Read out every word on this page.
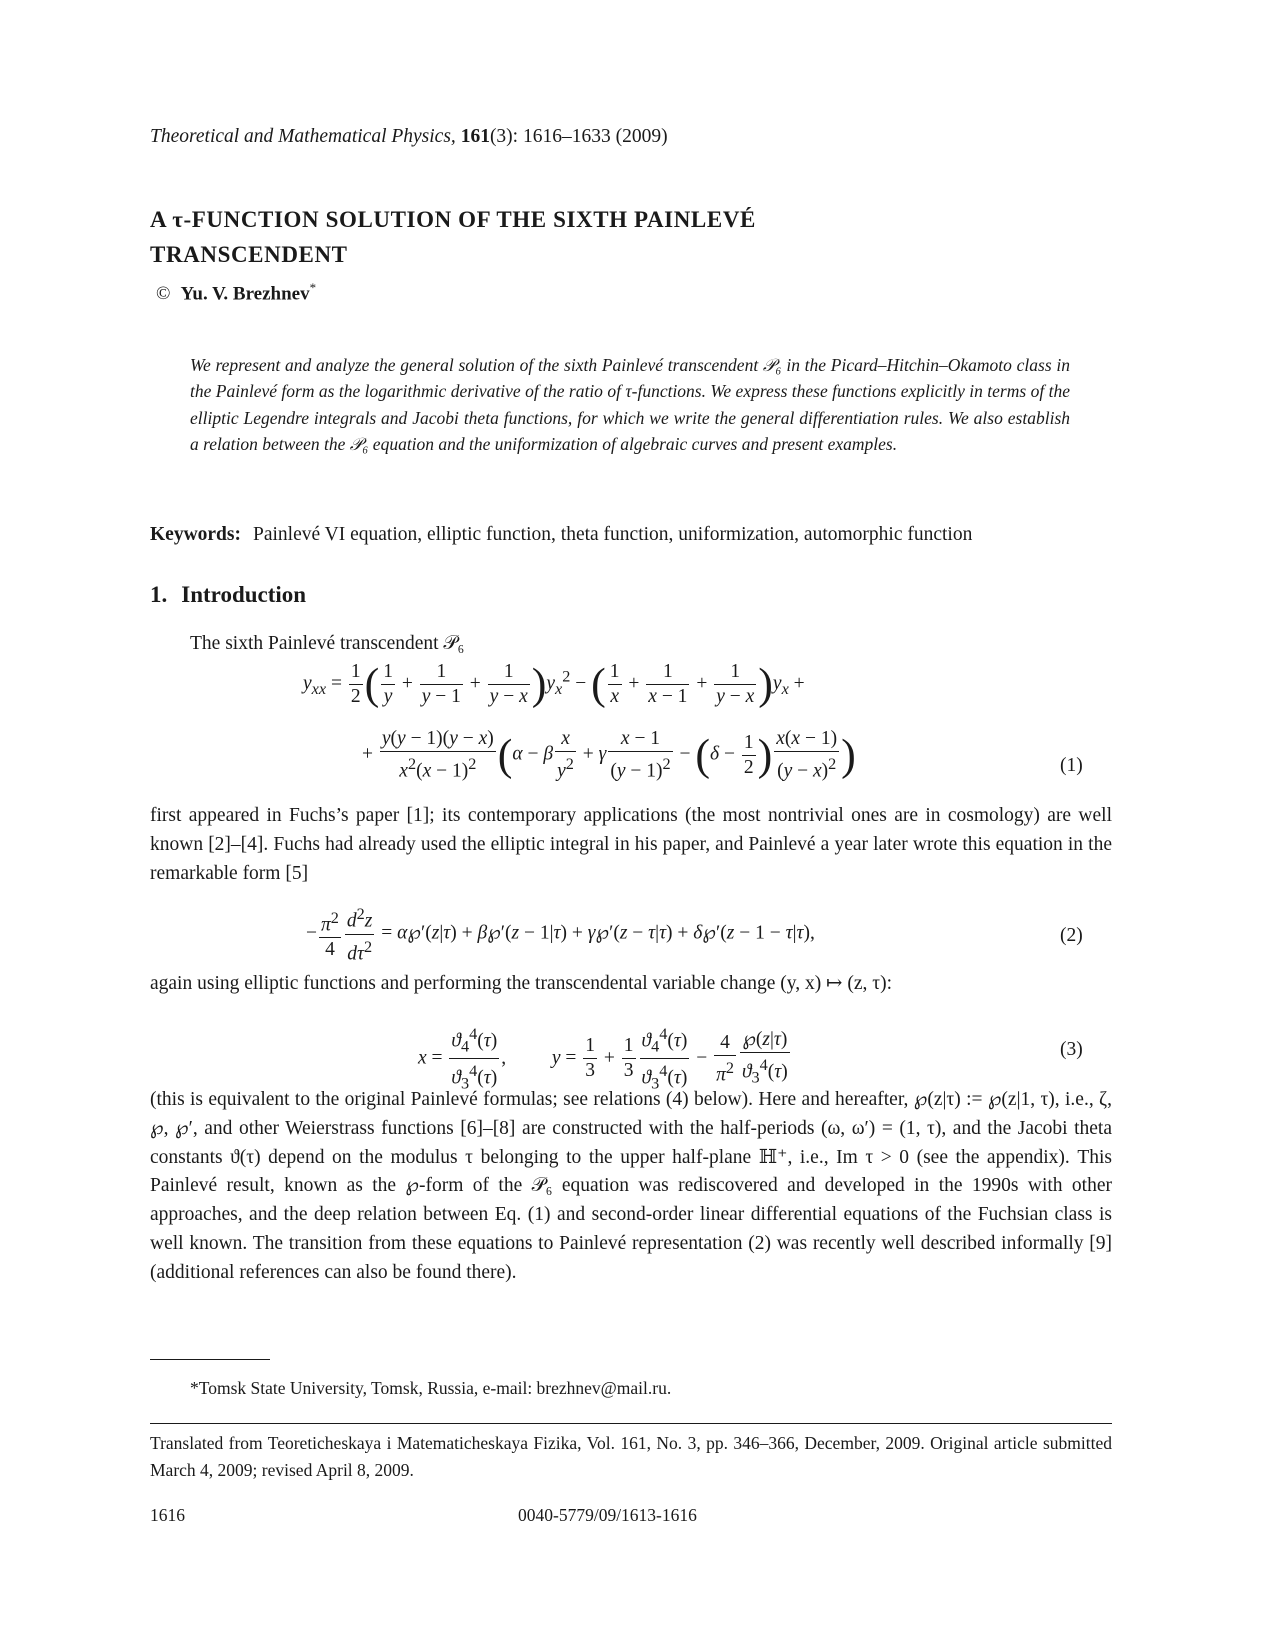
Theoretical and Mathematical Physics, 161(3): 1616–1633 (2009)
A τ-FUNCTION SOLUTION OF THE SIXTH PAINLEVÉ
TRANSCENDENT
© Yu. V. Brezhnev*
We represent and analyze the general solution of the sixth Painlevé transcendent 𝒫₆ in the Picard–Hitchin–Okamoto class in the Painlevé form as the logarithmic derivative of the ratio of τ-functions. We express these functions explicitly in terms of the elliptic Legendre integrals and Jacobi theta functions, for which we write the general differentiation rules. We also establish a relation between the 𝒫₆ equation and the uniformization of algebraic curves and present examples.
Keywords: Painlevé VI equation, elliptic function, theta function, uniformization, automorphic function
1. Introduction
The sixth Painlevé transcendent 𝒫₆
$y_{xx} = \frac{1}{2}$ ( $\frac{1}{y} + \frac{1}{y - 1} + \frac{1}{y - x} )y_x^2$ − ( $\frac{1}{x} + \frac{1}{x - 1} + \frac{1}{y - x} )y_x$ +
+ $\frac{y(y - 1)(y - x)}{x^2(x - 1)^2} (\alpha - \beta \frac{x}{y^2} + \gamma \frac{x - 1}{(y - 1)^2} - (\delta - \frac{1}{2}$ ) $\frac{x(x - 1)}{(y - x)^2}$ )	(1)
first appeared in Fuchs’s paper [1]; its contemporary applications (the most nontrivial ones are in cosmology) are well known [2]–[4]. Fuchs had already used the elliptic integral in his paper, and Painlevé a year later wrote this equation in the remarkable form [5]
− $\frac{\pi^2}{4} \frac{d^2z}{d\tau^2}$ = α℘′(z|τ) + β℘′(z − 1|τ) + γ℘′(z − τ|τ) + δ℘′(z − 1 − τ|τ),	(2)
again using elliptic functions and performing the transcendental variable change (y, x) ↦ (z, τ):
$x = \frac{ϑ_4^4(\tau)}{ϑ_3^4(\tau)}$ ,  $y = \frac{1}{3} + \frac{1}{3} \frac{ϑ_4^4(\tau)}{ϑ_3^4(\tau)} - \frac{4}{\pi^2} \frac{℘(z|\tau)}{ϑ_3^4(\tau)}$	(3)
(this is equivalent to the original Painlevé formulas; see relations (4) below). Here and hereafter, ℘(z|τ) := ℘(z|1, τ), i.e., ζ, ℘, ℘′, and other Weierstrass functions [6]–[8] are constructed with the half-periods (ω, ω′) = (1, τ), and the Jacobi theta constants ϑ(τ) depend on the modulus τ belonging to the upper half-plane ℍ⁺, i.e., Im τ > 0 (see the appendix). This Painlevé result, known as the ℘-form of the 𝒫₆ equation was rediscovered and developed in the 1990s with other approaches, and the deep relation between Eq. (1) and second-order linear differential equations of the Fuchsian class is well known. The transition from these equations to Painlevé representation (2) was recently well described informally [9] (additional references can also be found there).
*Tomsk State University, Tomsk, Russia, e-mail: brezhnev@mail.ru.
Translated from Teoreticheskaya i Matematicheskaya Fizika, Vol. 161, No. 3, pp. 346–366, December, 2009. Original article submitted March 4, 2009; revised April 8, 2009.
1616	0040-5779/09/1613-1616
